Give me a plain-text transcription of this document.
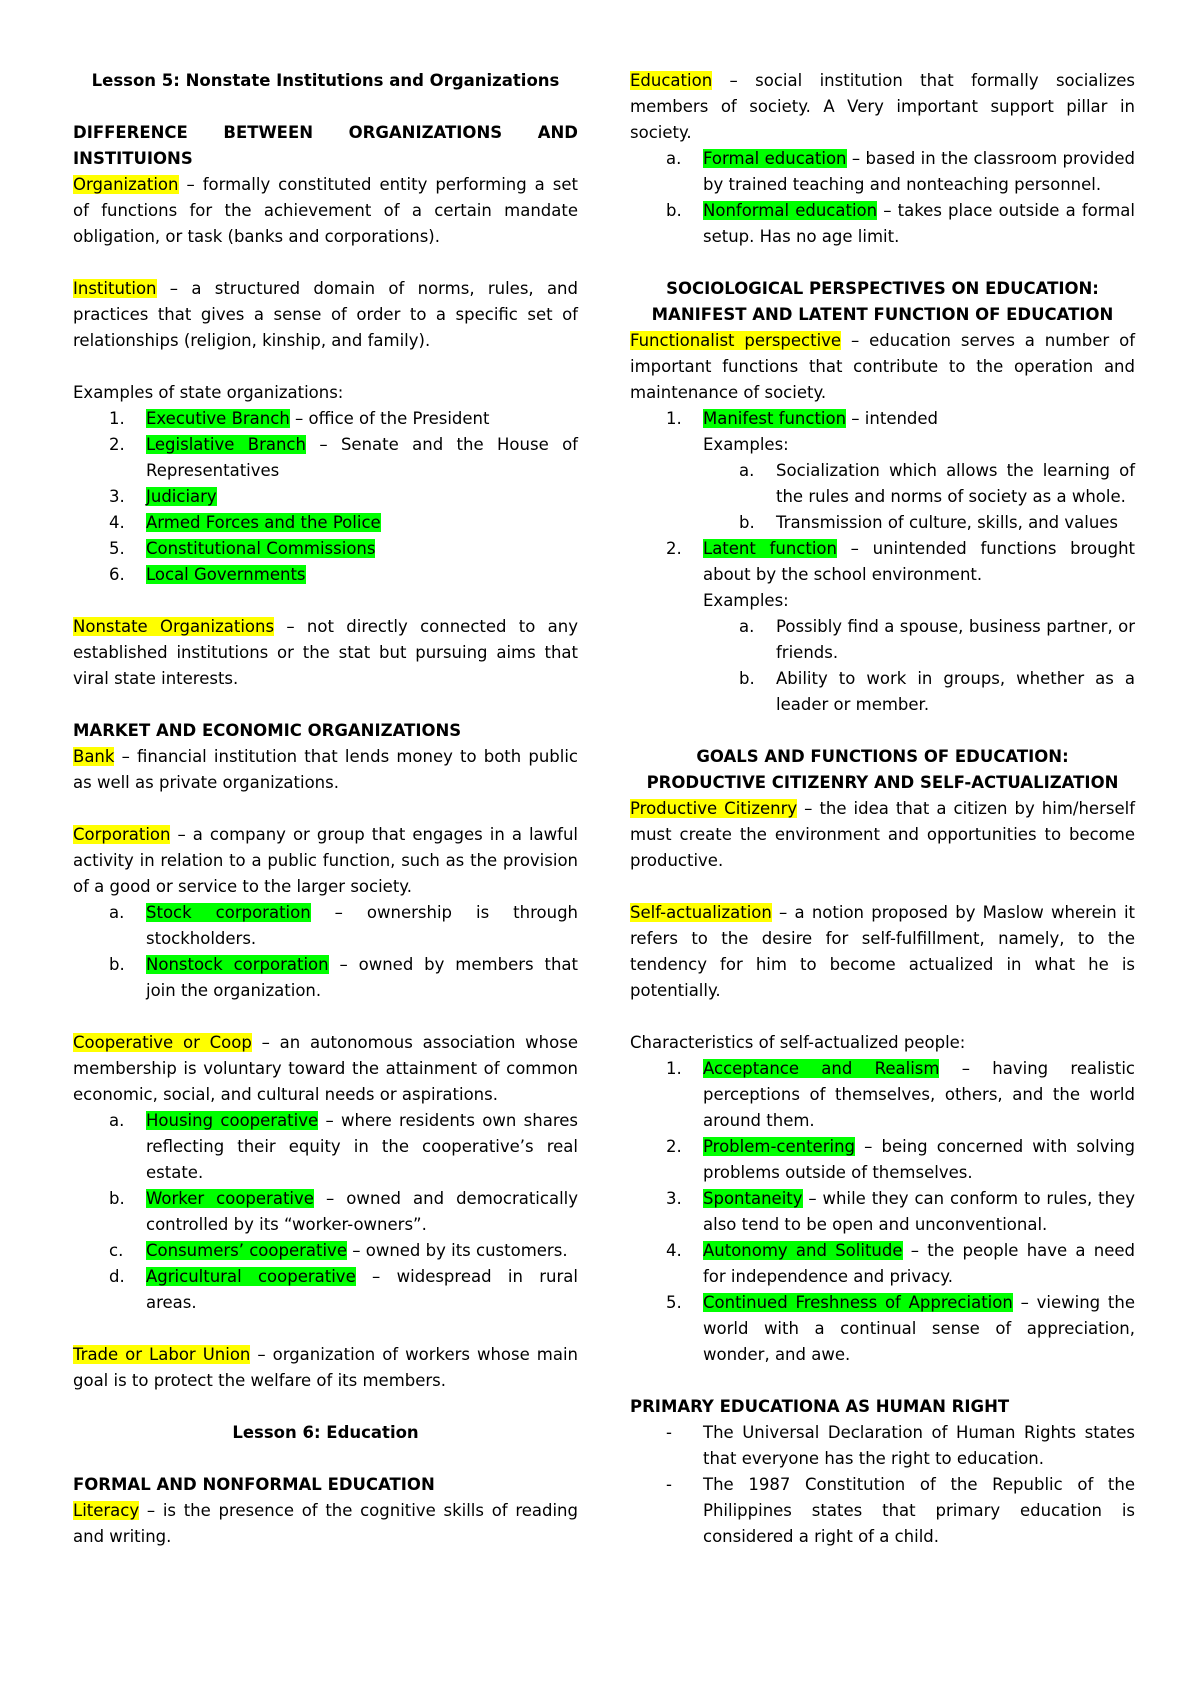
Lesson 5: Nonstate Institutions and Organizations

DIFFERENCE BETWEEN ORGANIZATIONS AND INSTITUIONS

Organization – formally constituted entity performing a set of functions for the achievement of a certain mandate obligation, or task (banks and corporations).

Institution – a structured domain of norms, rules, and practices that gives a sense of order to a specific set of relationships (religion, kinship, and family).

Examples of state organizations:

1.	Executive Branch – office of the President
2.	Legislative Branch – Senate and the House of Representatives
3.	Judiciary
4.	Armed Forces and the Police
5.	Constitutional Commissions
6.	Local Governments

Nonstate Organizations – not directly connected to any established institutions or the stat but pursuing aims that viral state interests.

MARKET AND ECONOMIC ORGANIZATIONS

Bank – financial institution that lends money to both public as well as private organizations.

Corporation – a company or group that engages in a lawful activity in relation to a public function, such as the provision of a good or service to the larger society.

a.	Stock corporation – ownership is through stockholders.
b.	Nonstock corporation – owned by members that join the organization.

Cooperative or Coop – an autonomous association whose membership is voluntary toward the attainment of common economic, social, and cultural needs or aspirations.

a.	Housing cooperative – where residents own shares reflecting their equity in the cooperative’s real estate.
b.	Worker cooperative – owned and democratically controlled by its “worker-owners”.
c.	Consumers’ cooperative – owned by its customers.
d.	Agricultural cooperative – widespread in rural areas.

Trade or Labor Union – organization of workers whose main goal is to protect the welfare of its members.

Lesson 6: Education

FORMAL AND NONFORMAL EDUCATION

Literacy – is the presence of the cognitive skills of reading and writing.

Education – social institution that formally socializes members of society. A Very important support pillar in society.

a.	Formal education – based in the classroom provided by trained teaching and nonteaching personnel.
b.	Nonformal education – takes place outside a formal setup. Has no age limit.

SOCIOLOGICAL PERSPECTIVES ON EDUCATION:

MANIFEST AND LATENT FUNCTION OF EDUCATION

Functionalist perspective – education serves a number of important functions that contribute to the operation and maintenance of society.

1.	Manifest function – intended

Examples:

a.	Socialization which allows the learning of the rules and norms of society as a whole.
b.	Transmission of culture, skills, and values
2.	Latent function – unintended functions brought about by the school environment.

Examples:

a.	Possibly find a spouse, business partner, or friends.
b.	Ability to work in groups, whether as a leader or member.

GOALS AND FUNCTIONS OF EDUCATION:

PRODUCTIVE CITIZENRY AND SELF-ACTUALIZATION

Productive Citizenry – the idea that a citizen by him/herself must create the environment and opportunities to become productive.

Self-actualization – a notion proposed by Maslow wherein it refers to the desire for self-fulfillment, namely, to the tendency for him to become actualized in what he is potentially.

Characteristics of self-actualized people:

1.	Acceptance and Realism – having realistic perceptions of themselves, others, and the world around them.
2.	Problem-centering – being concerned with solving problems outside of themselves.
3.	Spontaneity – while they can conform to rules, they also tend to be open and unconventional.
4.	Autonomy and Solitude – the people have a need for independence and privacy.
5.	Continued Freshness of Appreciation – viewing the world with a continual sense of appreciation, wonder, and awe.

PRIMARY EDUCATIONA AS HUMAN RIGHT

-	The Universal Declaration of Human Rights states that everyone has the right to education.
-	The 1987 Constitution of the Republic of the Philippines states that primary education is considered a right of a child.
